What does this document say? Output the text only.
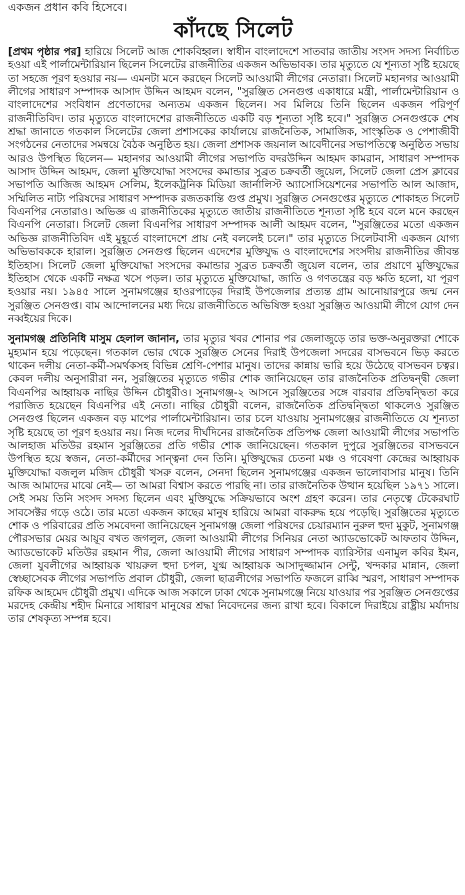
একজন প্রধান কবি হিসেবে।
কাঁদছে সিলেট

[প্রথম পৃষ্ঠার পর] হারিয়ে সিলেট আজ শোকবিহ্বল। স্বাধীন বাংলাদেশে সাতবার জাতীয় সংসদ সদস্য নির্বাচিত হওয়া এই পার্লামেন্টারিয়ান ছিলেন সিলেটের রাজনীতির একজন অভিভাবক। তার মৃত্যুতে যে শূন্যতা সৃষ্টি হয়েছে তা সহজে পূরণ হওয়ার নয়— এমনটা মনে করছেন সিলেট আওয়ামী লীগের নেতারা। সিলেট মহানগর আওয়ামী লীগের সাধারণ সম্পাদক আসাদ উদ্দিন আহমদ বলেন, "সুরঞ্জিত সেনগুপ্ত একাধারে মন্ত্রী, পার্লামেন্টারিয়ান ও বাংলাদেশের সংবিধান প্রণেতাদের অন্যতম একজন ছিলেন। সব মিলিয়ে তিনি ছিলেন একজন পরিপূর্ণ রাজনীতিবিদ। তার মৃত্যুতে বাংলাদেশের রাজনীতিতে একটি বড় শূন্যতা সৃষ্টি হবে।" সুরঞ্জিত সেনগুপ্তকে শেষ শ্রদ্ধা জানাতে গতকাল সিলেটের জেলা প্রশাসকের কার্যালয়ে রাজনৈতিক, সামাজিক, সাংস্কৃতিক ও পেশাজীবী সংগঠনের নেতাদের সমন্বয়ে বৈঠক অনুষ্ঠিত হয়। জেলা প্রশাসক জয়নাল আবেদীনের সভাপতিত্বে অনুষ্ঠিত সভায় আরও উপস্থিত ছিলেন— মহানগর আওয়ামী লীগের সভাপতি বদরউদ্দিন আহমদ কামরান, সাধারণ সম্পাদক আসাদ উদ্দিন আহমদ, জেলা মুক্তিযোদ্ধা সংসদের কমান্ডার সুব্রত চক্রবর্তী জুয়েল, সিলেট জেলা প্রেস ক্লাবের সভাপতি আজিজ আহমদ সেলিম, ইলেকট্রনিক মিডিয়া জার্নালিস্ট অ্যাসোসিয়েশনের সভাপতি আল আজাদ, সম্মিলিত নাট্য পরিষদের সাধারণ সম্পাদক রজতকান্তি গুপ্ত প্রমুখ। সুরঞ্জিত সেনগুপ্তের মৃত্যুতে শোকাহত সিলেট বিএনপির নেতারাও। অভিজ্ঞ এ রাজনীতিকের মৃত্যুতে জাতীয় রাজনীতিতে শূন্যতা সৃষ্টি হবে বলে মনে করছেন বিএনপি নেতারা। সিলেট জেলা বিএনপির সাধারণ সম্পাদক আলী আহমদ বলেন, "সুরঞ্জিতের মতো একজন অভিজ্ঞ রাজনীতিবিদ এই মুহূর্তে বাংলাদেশে প্রায় নেই বললেই চলে।" তার মৃত্যুতে সিলেটবাসী একজন যোগ্য অভিভাবককে হারাল। সুরঞ্জিত সেনগুপ্ত ছিলেন এদেশের মুক্তিযুদ্ধ ও বাংলাদেশের সংসদীয় রাজনীতির জীবন্ত ইতিহাস। সিলেট জেলা মুক্তিযোদ্ধা সংসদের কমান্ডার সুব্রত চক্রবর্তী জুয়েল বলেন, তার প্রয়াণে মুক্তিযুদ্ধের ইতিহাস থেকে একটি নক্ষত্র খসে পড়ল। তার মৃত্যুতে মুক্তিযোদ্ধা, জাতি ও গণতন্ত্রের বড় ক্ষতি হলো, যা পূরণ হওয়ার নয়। ১৯৪৫ সালে সুনামগঞ্জের হাওরপাড়ের দিরাই উপজেলার প্রত্যন্ত গ্রাম আনোয়ারপুরে জন্ম নেন সুরঞ্জিত সেনগুপ্ত। বাম আন্দোলনের মধ্য দিয়ে রাজনীতিতে অভিষিক্ত হওয়া সুরঞ্জিত আওয়ামী লীগে যোগ দেন নব্বইয়ের দিকে।

সুনামগঞ্জ প্রতিনিধি মাসুম হেলাল জানান, তার মৃত্যুর খবর শোনার পর জেলাজুড়ে তার ভক্ত-অনুরক্তরা শোকে মুহ্যমান হয়ে পড়েছেন। গতকাল ভোর থেকে সুরঞ্জিত সেনের দিরাই উপজেলা সদরের বাসভবনে ভিড় করতে থাকেন দলীয় নেতা-কর্মী-সমর্থকসহ বিভিন্ন শ্রেণি-পেশার মানুষ। তাদের কান্নায় ভারি হয়ে উঠেছে বাসভবন চত্বর। কেবল দলীয় অনুসারীরা নন, সুরঞ্জিতের মৃত্যুতে গভীর শোক জানিয়েছেন তার রাজনৈতিক প্রতিদ্বন্দ্বী জেলা বিএনপির আহ্বায়ক নাছির উদ্দিন চৌধুরীও। সুনামগঞ্জ-২ আসনে সুরঞ্জিতের সঙ্গে বারবার প্রতিদ্বন্দ্বিতা করে পরাজিত হয়েছেন বিএনপির এই নেতা। নাছির চৌধুরী বলেন, রাজনৈতিক প্রতিদ্বন্দ্বিতা থাকলেও সুরঞ্জিত সেনগুপ্ত ছিলেন একজন বড় মাপের পার্লামেন্টারিয়ান। তার চলে যাওয়ায় সুনামগঞ্জের রাজনীতিতে যে শূন্যতা সৃষ্টি হয়েছে তা পূরণ হওয়ার নয়। নিজ দলের দীর্ঘদিনের রাজনৈতিক প্রতিপক্ষ জেলা আওয়ামী লীগের সভাপতি আলহাজ মতিউর রহমান সুরঞ্জিতের প্রতি গভীর শোক জানিয়েছেন। গতকাল দুপুরে সুরঞ্জিতের বাসভবনে উপস্থিত হয়ে স্বজন, নেতা-কর্মীদের সান্ত্বনা দেন তিনি। মুক্তিযুদ্ধের চেতনা মঞ্চ ও গবেষণা কেন্দ্রের আহ্বায়ক মুক্তিযোদ্ধা বজলুল মজিদ চৌধুরী খসরু বলেন, সেনদা ছিলেন সুনামগঞ্জের একজন ভালোবাসার মানুষ। তিনি আজ আমাদের মাঝে নেই— তা আমরা বিশ্বাস করতে পারছি না। তার রাজনৈতিক উত্থান হয়েছিল ১৯৭১ সালে। সেই সময় তিনি সংসদ সদস্য ছিলেন এবং মুক্তিযুদ্ধে সক্রিয়ভাবে অংশ গ্রহণ করেন। তার নেতৃত্বে টেকেরঘাট সাবসেক্টর গড়ে ওঠে। তার মতো একজন কাছের মানুষ হারিয়ে আমরা বাকরুদ্ধ হয়ে পড়েছি। সুরঞ্জিতের মৃত্যুতে শোক ও পরিবারের প্রতি সমবেদনা জানিয়েছেন সুনামগঞ্জ জেলা পরিষদের চেয়ারম্যান নুরুল হুদা মুকুট, সুনামগঞ্জ পৌরসভার মেয়র আয়ূব বখত জগলুল, জেলা আওয়ামী লীগের সিনিয়র নেতা অ্যাডভোকেট আফতাব উদ্দিন, অ্যাডভোকেট মতিউর রহমান পীর, জেলা আওয়ামী লীগের সাধারণ সম্পাদক ব্যারিস্টার এনামুল কবির ইমন, জেলা যুবলীগের আহ্বায়ক খায়রুল হুদা চপল, যুগ্ম আহ্বায়ক আসাদুজ্জামান সেন্টু, খন্দকার মান্নান, জেলা স্বেচ্ছাসেবক লীগের সভাপতি প্রবাল চৌধুরী, জেলা ছাত্রলীগের সভাপতি ফজলে রাব্বি স্মরণ, সাধারণ সম্পাদক রফিক আহমেদ চৌধুরী প্রমুখ। এদিকে আজ সকালে ঢাকা থেকে সুনামগঞ্জে নিয়ে যাওয়ার পর সুরঞ্জিত সেনগুপ্তের মরদেহ কেন্দ্রীয় শহীদ মিনারে সাধারণ মানুষের শ্রদ্ধা নিবেদনের জন্য রাখা হবে। বিকালে দিরাইয়ে রাষ্ট্রীয় মর্যাদায় তার শেষকৃত্য সম্পন্ন হবে।
